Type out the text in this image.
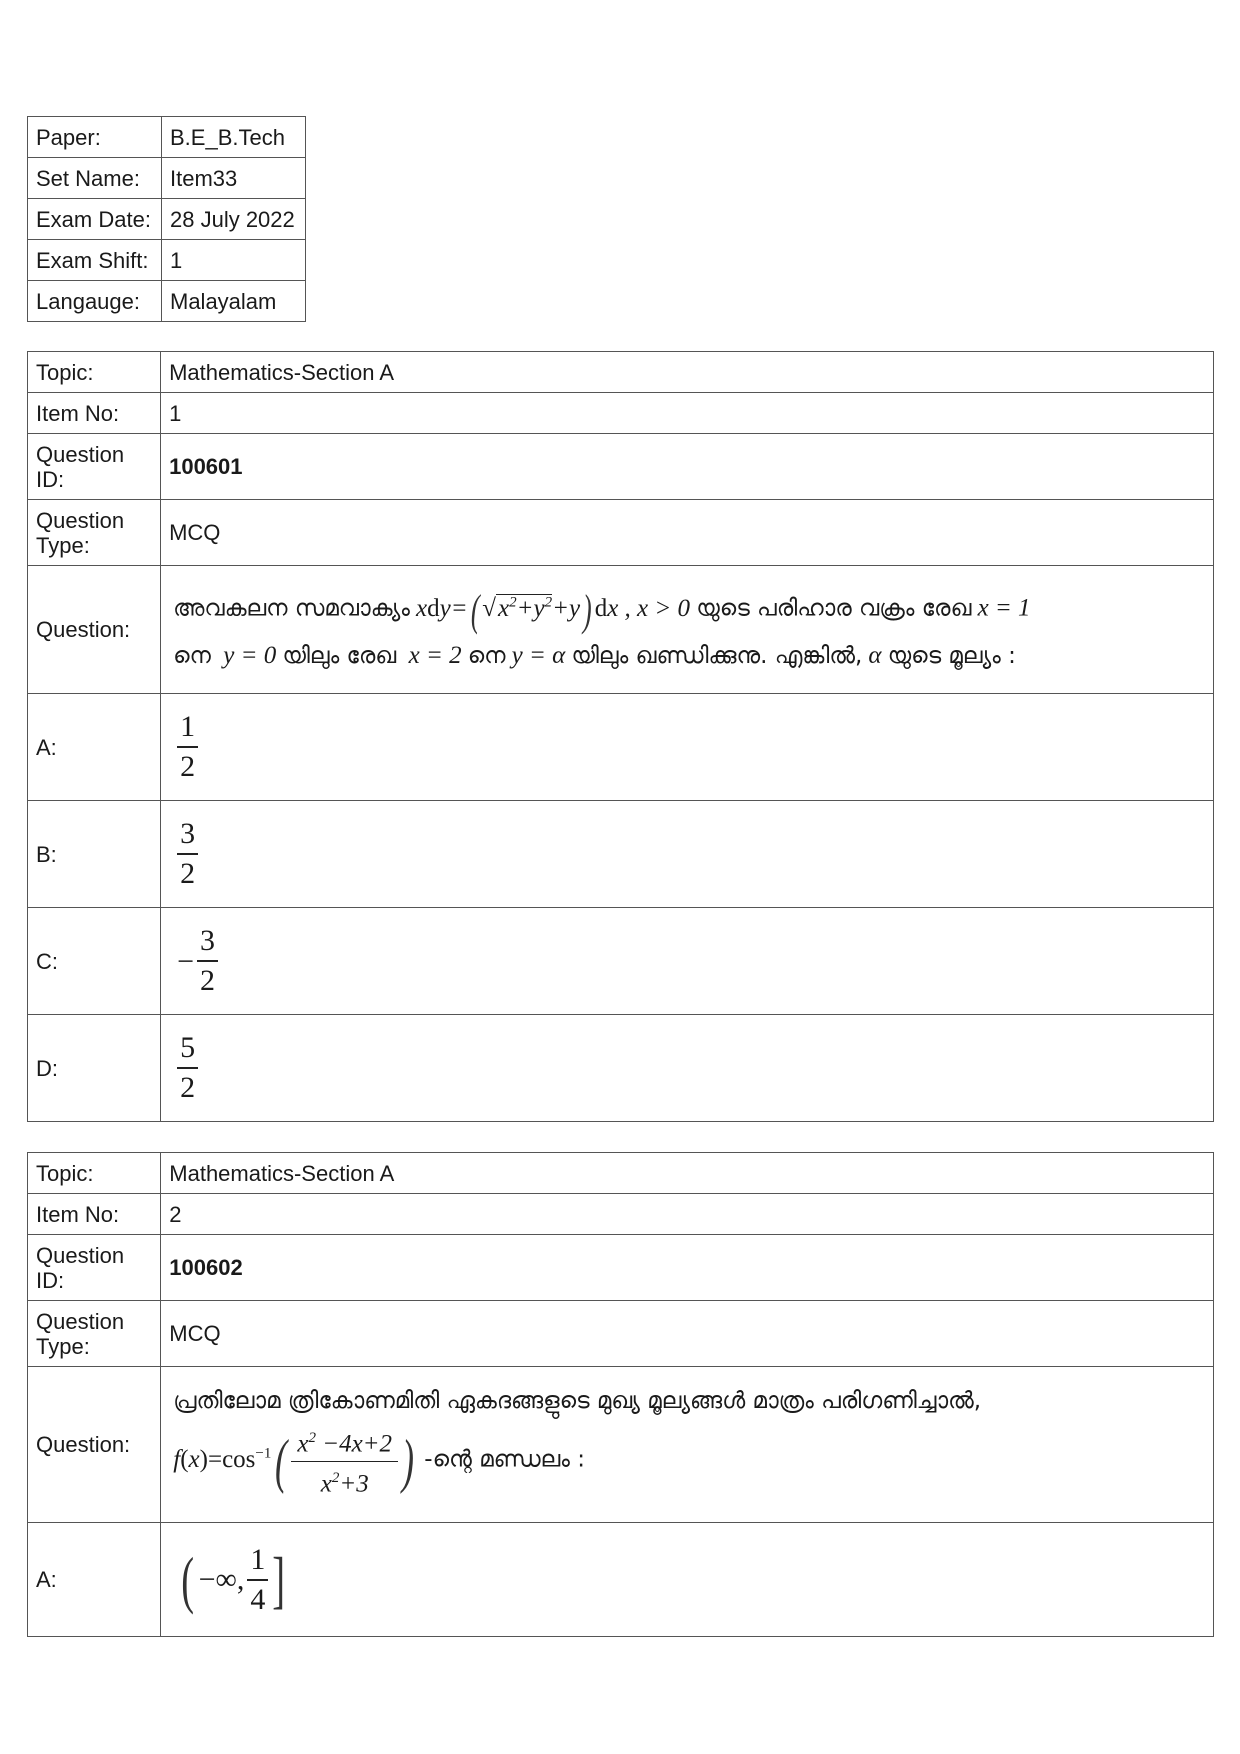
Paper:	B.E_B.Tech
Set Name:	Item33
Exam Date:	28 July 2022
Exam Shift:	1
Langauge:	Malayalam
Topic:	Mathematics-Section A
Item No:	1
Question ID:	100601
Question Type:	MCQ
Question:	അവകലന സമവാക്യം xdy=( $√x^2+y^2+y$) dx , x > 0 യുടെ പരിഹാര വക്രം രേഖ x = 1
നെ  y = 0 യിലും രേഖ  x = 2 നെ y = α യിലും ഖണ്ഡിക്കുനു. എങ്കിൽ, α യുടെ മൂല്യം :

A:	$\frac{1}{2}$

B:	$\frac{3}{2}$

C:	− $\frac{3}{2}$

D:	$\frac{5}{2}$
Topic:	Mathematics-Section A
Item No:	2
Question ID:	100602
Question Type:	MCQ
Question:	പ്രതിലോമ ത്രികോണമിതി ഏകദങ്ങളുടെ മുഖ്യ മൂല്യങ്ങൾ മാത്രം പരിഗണിച്ചാൽ,
$f(x)=\cos^{-1}( \frac{x^2 -4x+2}{x^2+3}$ ) -ന്റെ മണ്ഡലം :

A:	( −∞, $\frac{1}{4}$ ]
